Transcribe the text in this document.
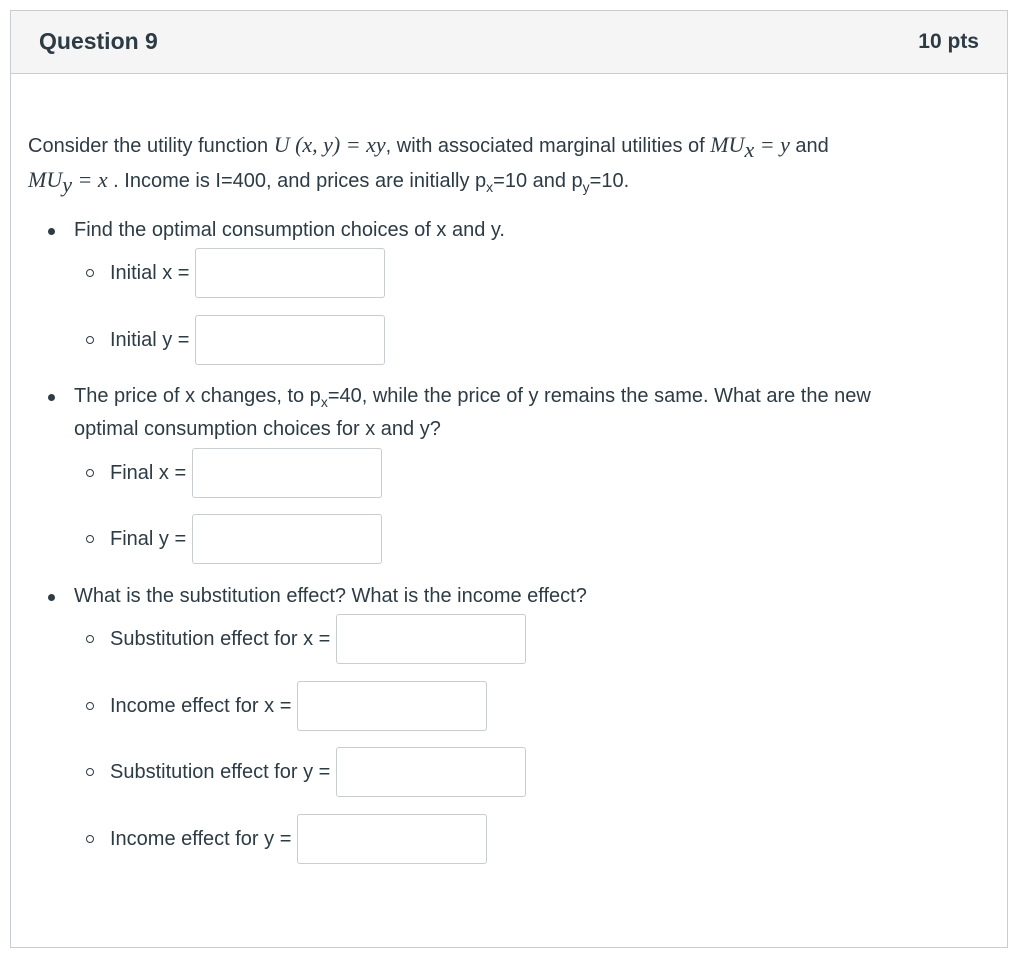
Question 9	10 pts
Consider the utility function U (x, y) = xy, with associated marginal utilities of $MU_x = y$ and
$MU_y = x$ . Income is I=400, and prices are initially $p_x=10$ and $p_y=10$.
Find the optimal consumption choices of x and y.
Initial x =
Initial y =
The price of x changes, to $p_x=40$, while the price of y remains the same. What are the new
optimal consumption choices for x and y?
Final x =
Final y =
What is the substitution effect? What is the income effect?
Substitution effect for x =
Income effect for x =
Substitution effect for y =
Income effect for y =
